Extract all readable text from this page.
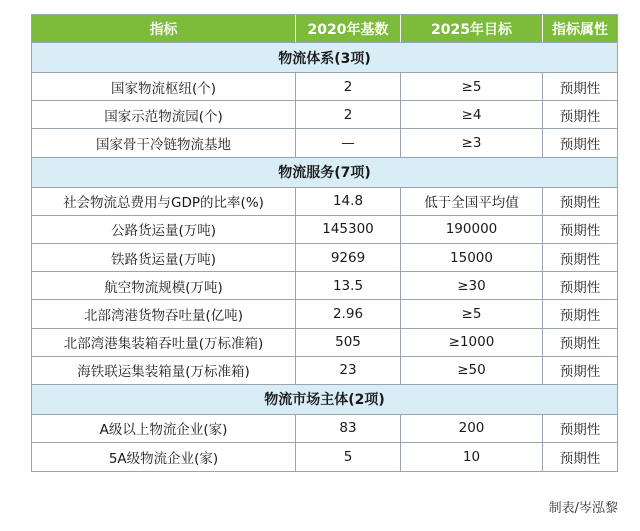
指标	2020年基数	2025年目标	指标属性
物流体系(3项)
国家物流枢纽(个)	2	≥5	预期性
国家示范物流园(个)	2	≥4	预期性
国家骨干冷链物流基地	—	≥3	预期性
物流服务(7项)
社会物流总费用与GDP的比率(%)	14.8	低于全国平均值	预期性
公路货运量(万吨)	145300	190000	预期性
铁路货运量(万吨)	9269	15000	预期性
航空物流规模(万吨)	13.5	≥30	预期性
北部湾港货物吞吐量(亿吨)	2.96	≥5	预期性
北部湾港集装箱吞吐量(万标准箱)	505	≥1000	预期性
海铁联运集装箱量(万标准箱)	23	≥50	预期性
物流市场主体(2项)
A级以上物流企业(家)	83	200	预期性
5A级物流企业(家)	5	10	预期性
制表/岑泓黎
